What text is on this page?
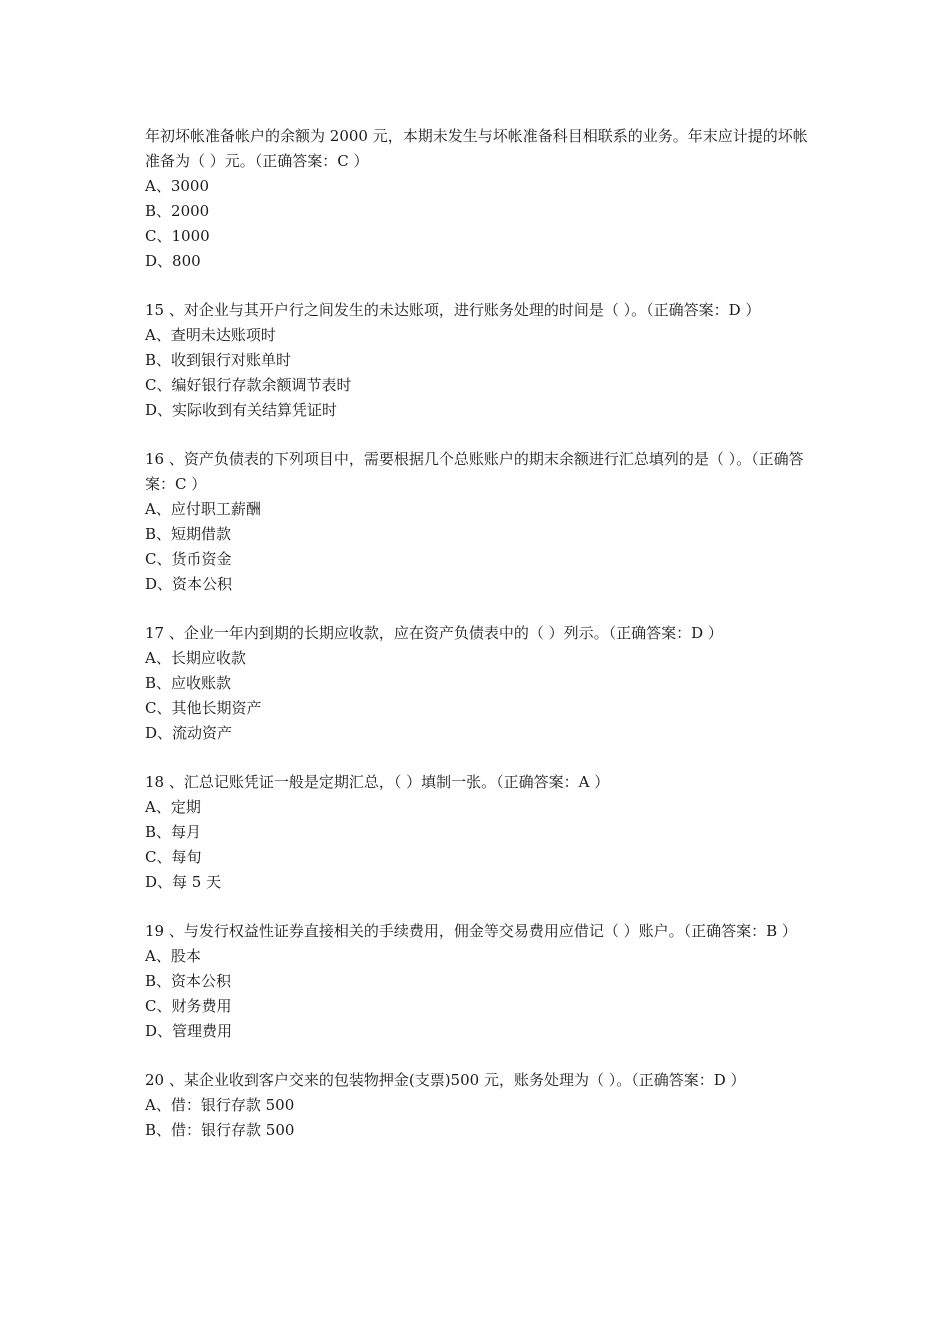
年初坏帐准备帐户的余额为 2000 元，本期未发生与坏帐准备科目相联系的业务。年末应计提的坏帐准备为（ ）元。（正确答案：C ）

A、3000

B、2000

C、1000

D、800

15 、对企业与其开户行之间发生的未达账项，进行账务处理的时间是（ ）。（正确答案：D ）

A、查明未达账项时

B、收到银行对账单时

C、编好银行存款余额调节表时

D、实际收到有关结算凭证时

16 、资产负债表的下列项目中，需要根据几个总账账户的期末余额进行汇总填列的是（ ）。（正确答案：C ）

A、应付职工薪酬

B、短期借款

C、货币资金

D、资本公积

17 、企业一年内到期的长期应收款，应在资产负债表中的（ ）列示。（正确答案：D ）

A、长期应收款

B、应收账款

C、其他长期资产

D、流动资产

18 、汇总记账凭证一般是定期汇总，（ ）填制一张。（正确答案：A ）

A、定期

B、每月

C、每旬

D、每 5 天

19 、与发行权益性证券直接相关的手续费用，佣金等交易费用应借记（ ）账户。（正确答案：B ）

A、股本

B、资本公积

C、财务费用

D、管理费用

20 、某企业收到客户交来的包装物押金(支票)500 元，账务处理为（ ）。（正确答案：D ）

A、借：银行存款 500

B、借：银行存款 500
